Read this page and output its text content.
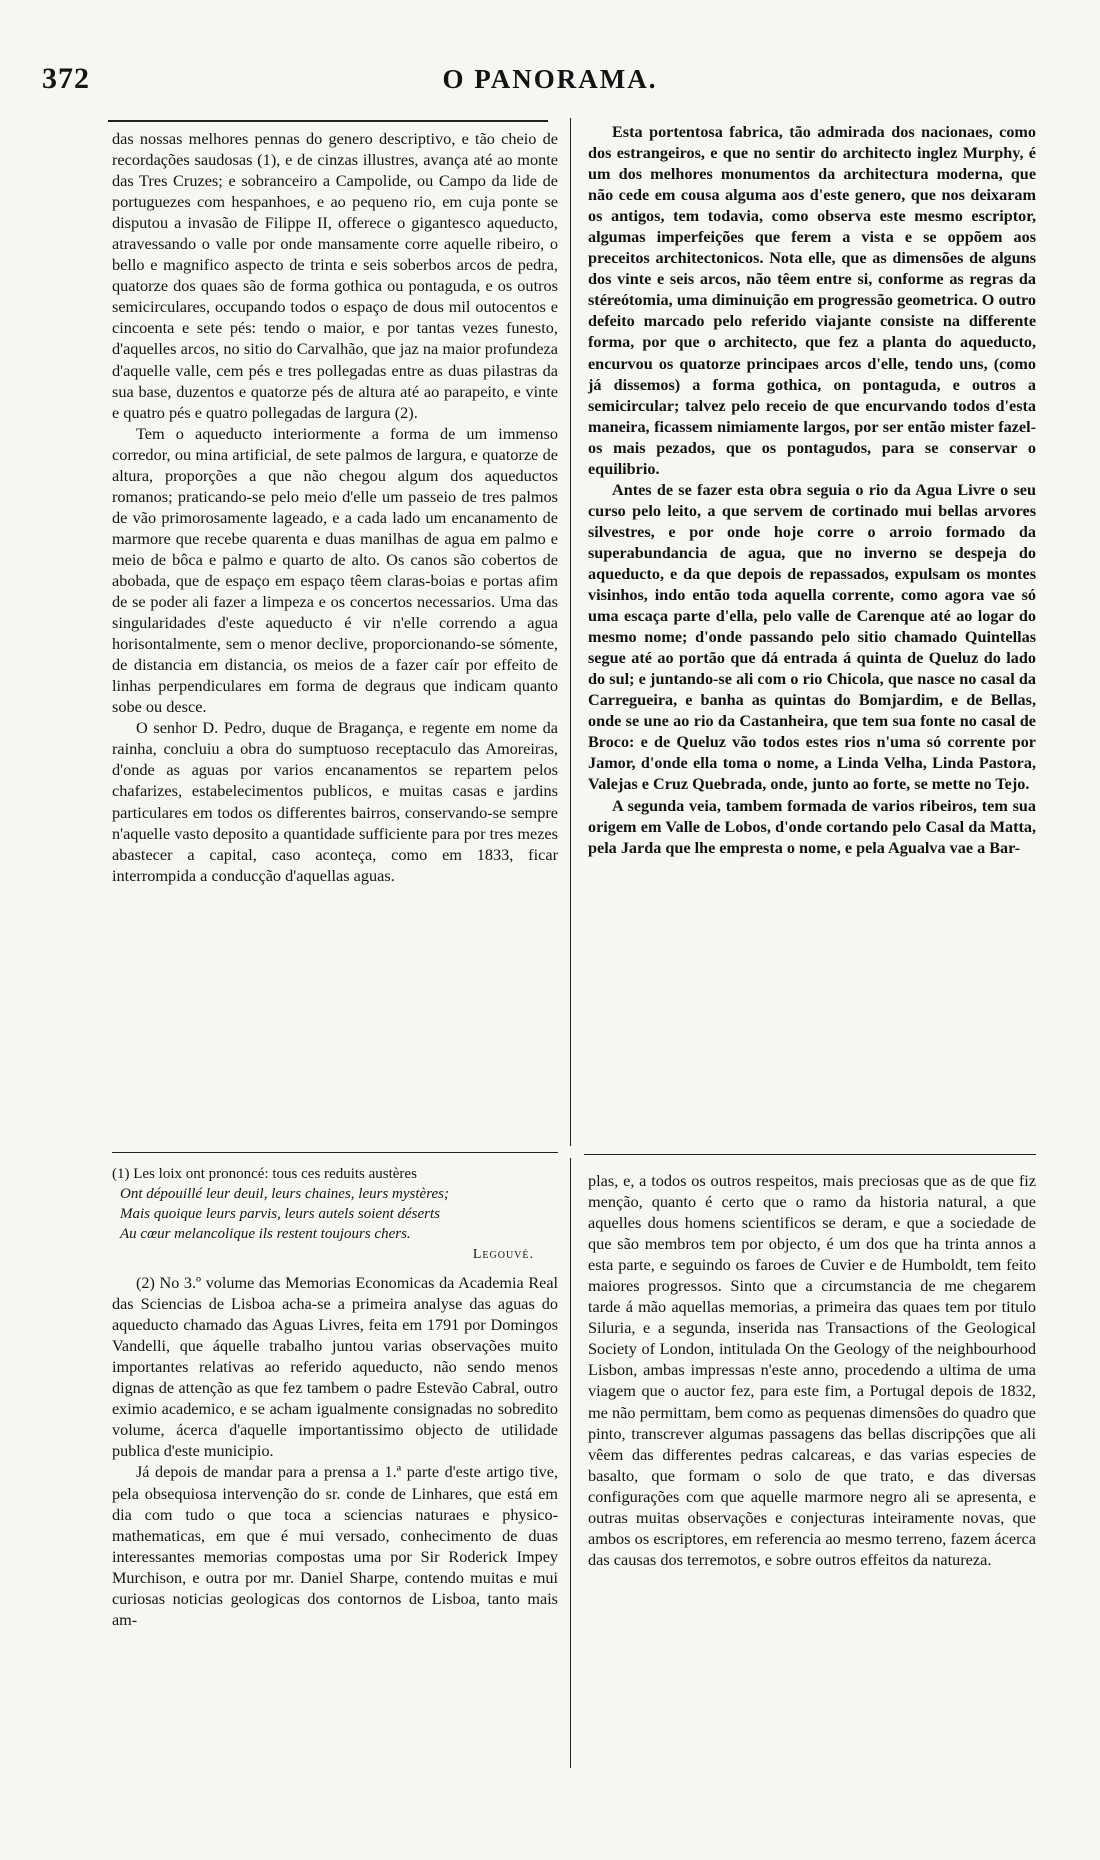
372	O PANORAMA.

das nossas melhores pennas do genero descriptivo, e tão cheio de recordações saudosas (1), e de cinzas illustres, avança até ao monte das Tres Cruzes; e sobranceiro a Campolide, ou Campo da lide de portuguezes com hespanhoes, e ao pequeno rio, em cuja ponte se disputou a invasão de Filippe II, offerece o gigantesco aqueducto, atravessando o valle por onde mansamente corre aquelle ribeiro, o bello e magnifico aspecto de trinta e seis soberbos arcos de pedra, quatorze dos quaes são de forma gothica ou pontaguda, e os outros semicirculares, occupando todos o espaço de dous mil outocentos e cincoenta e sete pés: tendo o maior, e por tantas vezes funesto, d'aquelles arcos, no sitio do Carvalhão, que jaz na maior profundeza d'aquelle valle, cem pés e tres pollegadas entre as duas pilastras da sua base, duzentos e quatorze pés de altura até ao parapeito, e vinte e quatro pés e quatro pollegadas de largura (2).

Tem o aqueducto interiormente a forma de um immenso corredor, ou mina artificial, de sete palmos de largura, e quatorze de altura, proporções a que não chegou algum dos aqueductos romanos; praticando-se pelo meio d'elle um passeio de tres palmos de vão primorosamente lageado, e a cada lado um encanamento de marmore que recebe quarenta e duas manilhas de agua em palmo e meio de bôca e palmo e quarto de alto. Os canos são cobertos de abobada, que de espaço em espaço têem claras-boias e portas afim de se poder ali fazer a limpeza e os concertos necessarios. Uma das singularidades d'este aqueducto é vir n'elle correndo a agua horisontalmente, sem o menor declive, proporcionando-se sómente, de distancia em distancia, os meios de a fazer caír por effeito de linhas perpendiculares em forma de degraus que indicam quanto sobe ou desce.

O senhor D. Pedro, duque de Bragança, e regente em nome da rainha, concluiu a obra do sumptuoso receptaculo das Amoreiras, d'onde as aguas por varios encanamentos se repartem pelos chafarizes, estabelecimentos publicos, e muitas casas e jardins particulares em todos os differentes bairros, conservando-se sempre n'aquelle vasto deposito a quantidade sufficiente para por tres mezes abastecer a capital, caso aconteça, como em 1833, ficar interrompida a conducção d'aquellas aguas.

Esta portentosa fabrica, tão admirada dos nacionaes, como dos estrangeiros, e que no sentir do architecto inglez Murphy, é um dos melhores monumentos da architectura moderna, que não cede em cousa alguma aos d'este genero, que nos deixaram os antigos, tem todavia, como observa este mesmo escriptor, algumas imperfeições que ferem a vista e se oppõem aos preceitos architectonicos. Nota elle, que as dimensões de alguns dos vinte e seis arcos, não têem entre si, conforme as regras da stéreótomia, uma diminuição em progressão geometrica. O outro defeito marcado pelo referido viajante consiste na differente forma, por que o architecto, que fez a planta do aqueducto, encurvou os quatorze principaes arcos d'elle, tendo uns, (como já dissemos) a forma gothica, on pontaguda, e outros a semicircular; talvez pelo receio de que encurvando todos d'esta maneira, ficassem nimiamente largos, por ser então mister fazel-os mais pezados, que os pontagudos, para se conservar o equilibrio.

Antes de se fazer esta obra seguia o rio da Agua Livre o seu curso pelo leito, a que servem de cortinado mui bellas arvores silvestres, e por onde hoje corre o arroio formado da superabundancia de agua, que no inverno se despeja do aqueducto, e da que depois de repassados, expulsam os montes visinhos, indo então toda aquella corrente, como agora vae só uma escaça parte d'ella, pelo valle de Carenque até ao logar do mesmo nome; d'onde passando pelo sitio chamado Quintellas segue até ao portão que dá entrada á quinta de Queluz do lado do sul; e juntando-se ali com o rio Chicola, que nasce no casal da Carregueira, e banha as quintas do Bomjardim, e de Bellas, onde se une ao rio da Castanheira, que tem sua fonte no casal de Broco: e de Queluz vão todos estes rios n'uma só corrente por Jamor, d'onde ella toma o nome, a Linda Velha, Linda Pastora, Valejas e Cruz Quebrada, onde, junto ao forte, se mette no Tejo.

A segunda veia, tambem formada de varios ribeiros, tem sua origem em Valle de Lobos, d'onde cortando pelo Casal da Matta, pela Jarda que lhe empresta o nome, e pela Agualva vae a Bar-

(1) Les loix ont prononcé: tous ces reduits austères

Ont dépouillé leur deuil, leurs chaines, leurs mystères;

Mais quoique leurs parvis, leurs autels soient déserts

Au cœur melancolique ils restent toujours chers.

Legouvé.

(2) No 3.º volume das Memorias Economicas da Academia Real das Sciencias de Lisboa acha-se a primeira analyse das aguas do aqueducto chamado das Aguas Livres, feita em 1791 por Domingos Vandelli, que áquelle trabalho juntou varias observações muito importantes relativas ao referido aqueducto, não sendo menos dignas de attenção as que fez tambem o padre Estevão Cabral, outro eximio academico, e se acham igualmente consignadas no sobredito volume, ácerca d'aquelle importantissimo objecto de utilidade publica d'este municipio.

Já depois de mandar para a prensa a 1.ª parte d'este artigo tive, pela obsequiosa intervenção do sr. conde de Linhares, que está em dia com tudo o que toca a sciencias naturaes e physico-mathematicas, em que é mui versado, conhecimento de duas interessantes memorias compostas uma por Sir Roderick Impey Murchison, e outra por mr. Daniel Sharpe, contendo muitas e mui curiosas noticias geologicas dos contornos de Lisboa, tanto mais am-

plas, e, a todos os outros respeitos, mais preciosas que as de que fiz menção, quanto é certo que o ramo da historia natural, a que aquelles dous homens scientificos se deram, e que a sociedade de que são membros tem por objecto, é um dos que ha trinta annos a esta parte, e seguindo os faroes de Cuvier e de Humboldt, tem feito maiores progressos. Sinto que a circumstancia de me chegarem tarde á mão aquellas memorias, a primeira das quaes tem por titulo Siluria, e a segunda, inserida nas Transactions of the Geological Society of London, intitulada On the Geology of the neighbourhood Lisbon, ambas impressas n'este anno, procedendo a ultima de uma viagem que o auctor fez, para este fim, a Portugal depois de 1832, me não permittam, bem como as pequenas dimensões do quadro que pinto, transcrever algumas passagens das bellas discripções que ali vêem das differentes pedras calcareas, e das varias especies de basalto, que formam o solo de que trato, e das diversas configurações com que aquelle marmore negro ali se apresenta, e outras muitas observações e conjecturas inteiramente novas, que ambos os escriptores, em referencia ao mesmo terreno, fazem ácerca das causas dos terremotos, e sobre outros effeitos da natureza.
